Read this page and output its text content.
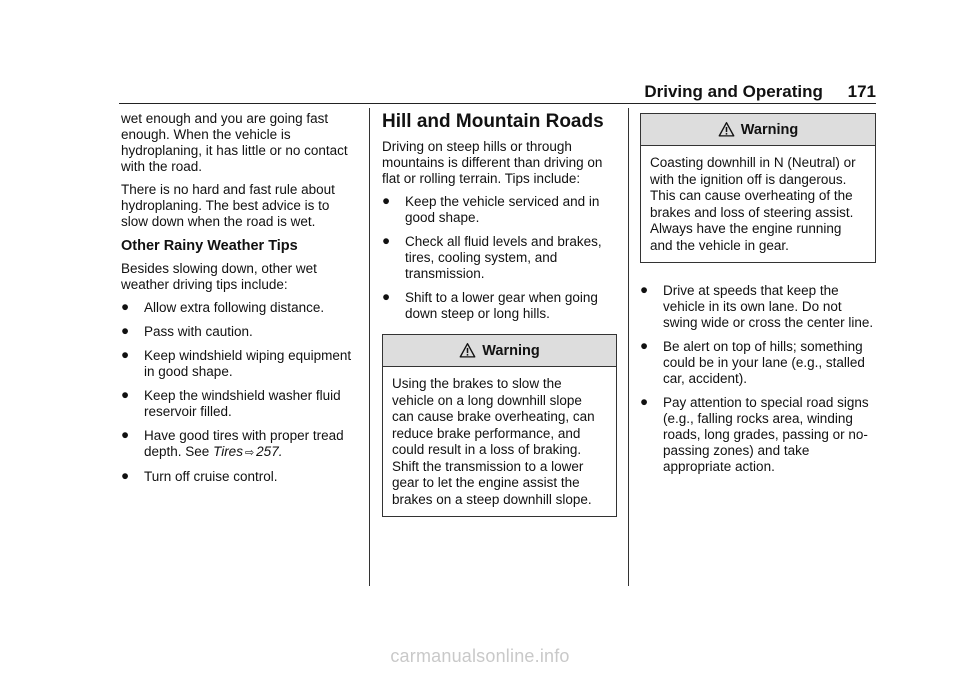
Driving and Operating 171

wet enough and you are going fast enough. When the vehicle is hydroplaning, it has little or no contact with the road.

There is no hard and fast rule about hydroplaning. The best advice is to slow down when the road is wet.

Other Rainy Weather Tips

Besides slowing down, other wet weather driving tips include:

● Allow extra following distance.
● Pass with caution.
● Keep windshield wiping equipment in good shape.
● Keep the windshield washer fluid reservoir filled.
● Have good tires with proper tread depth. See Tires ⇨ 257.
● Turn off cruise control.
Hill and Mountain Roads

Driving on steep hills or through mountains is different than driving on flat or rolling terrain. Tips include:

● Keep the vehicle serviced and in good shape.
● Check all fluid levels and brakes, tires, cooling system, and transmission.
● Shift to a lower gear when going down steep or long hills.
Warning
Using the brakes to slow the vehicle on a long downhill slope can cause brake overheating, can reduce brake performance, and could result in a loss of braking. Shift the transmission to a lower gear to let the engine assist the brakes on a steep downhill slope.
Warning
Coasting downhill in N (Neutral) or with the ignition off is dangerous. This can cause overheating of the brakes and loss of steering assist. Always have the engine running and the vehicle in gear.
● Drive at speeds that keep the vehicle in its own lane. Do not swing wide or cross the center line.
● Be alert on top of hills; something could be in your lane (e.g., stalled car, accident).
● Pay attention to special road signs (e.g., falling rocks area, winding roads, long grades, passing or no-passing zones) and take appropriate action.
carmanualsonline.info
